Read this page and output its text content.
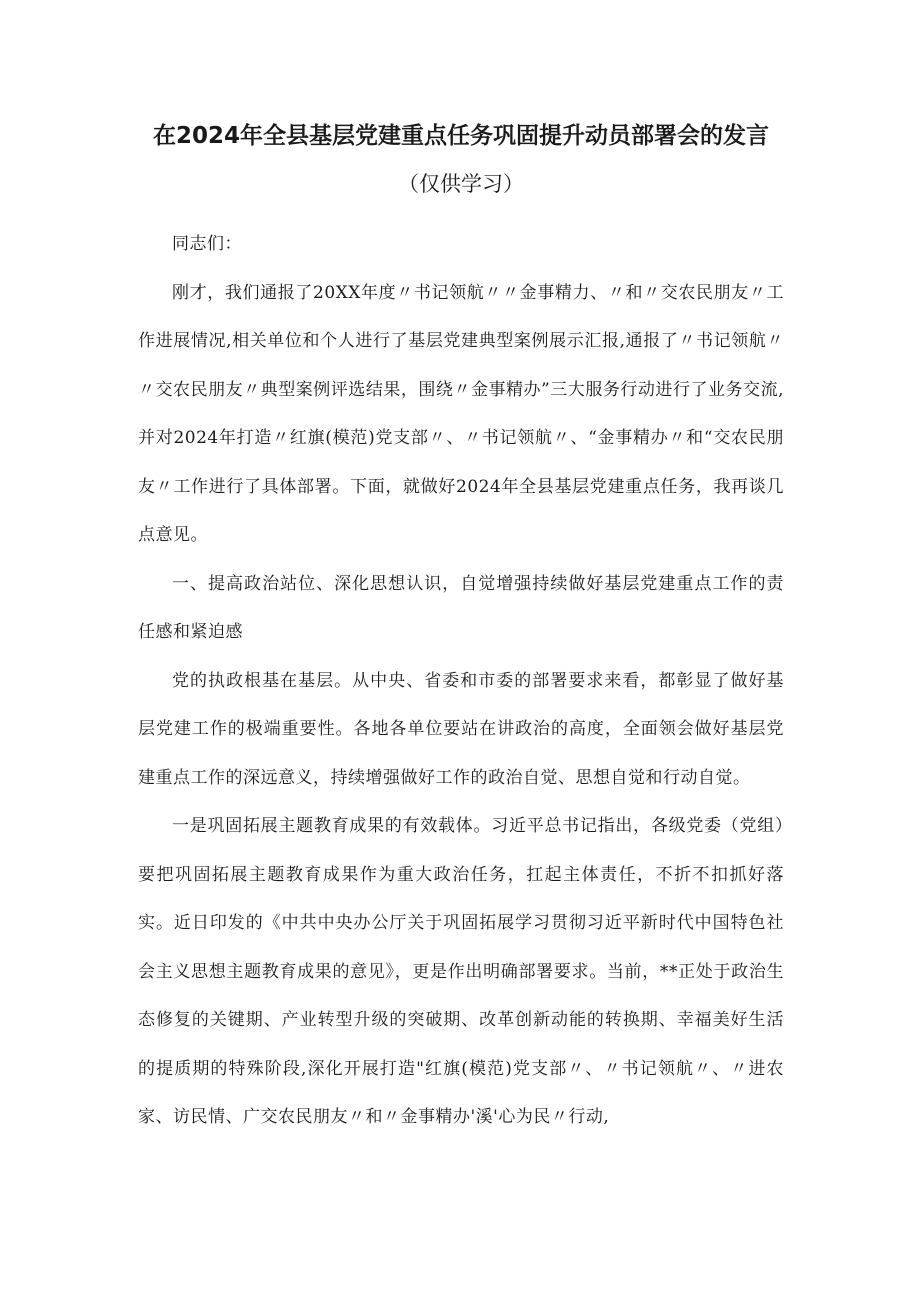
在2024年全县基层党建重点任务巩固提升动员部署会的发言
（仅供学习）

同志们：

刚才，我们通报了20XX年度〃书记领航〃〃金事精力、〃和〃交农民朋友〃工作进展情况,相关单位和个人进行了基层党建典型案例展示汇报,通报了〃书记领航〃〃交农民朋友〃典型案例评选结果，围绕〃金事精办”三大服务行动进行了业务交流,并对2024年打造〃红旗(模范)党支部〃、〃书记领航〃、“金事精办〃和“交农民朋友〃工作进行了具体部署。下面，就做好2024年全县基层党建重点任务，我再谈几点意见。

一、提高政治站位、深化思想认识，自觉增强持续做好基层党建重点工作的责任感和紧迫感

党的执政根基在基层。从中央、省委和市委的部署要求来看，都彰显了做好基层党建工作的极端重要性。各地各单位要站在讲政治的高度，全面领会做好基层党建重点工作的深远意义，持续增强做好工作的政治自觉、思想自觉和行动自觉。

一是巩固拓展主题教育成果的有效载体。习近平总书记指出，各级党委（党组）要把巩固拓展主题教育成果作为重大政治任务，扛起主体责任，不折不扣抓好落实。近日印发的《中共中央办公厅关于巩固拓展学习贯彻习近平新时代中国特色社会主义思想主题教育成果的意见》，更是作出明确部署要求。当前，**正处于政治生态修复的关键期、产业转型升级的突破期、改革创新动能的转换期、幸福美好生活的提质期的特殊阶段,深化开展打造"红旗(模范)党支部〃、〃书记领航〃、〃进农家、访民情、广交农民朋友〃和〃金事精办'溪'心为民〃行动,
